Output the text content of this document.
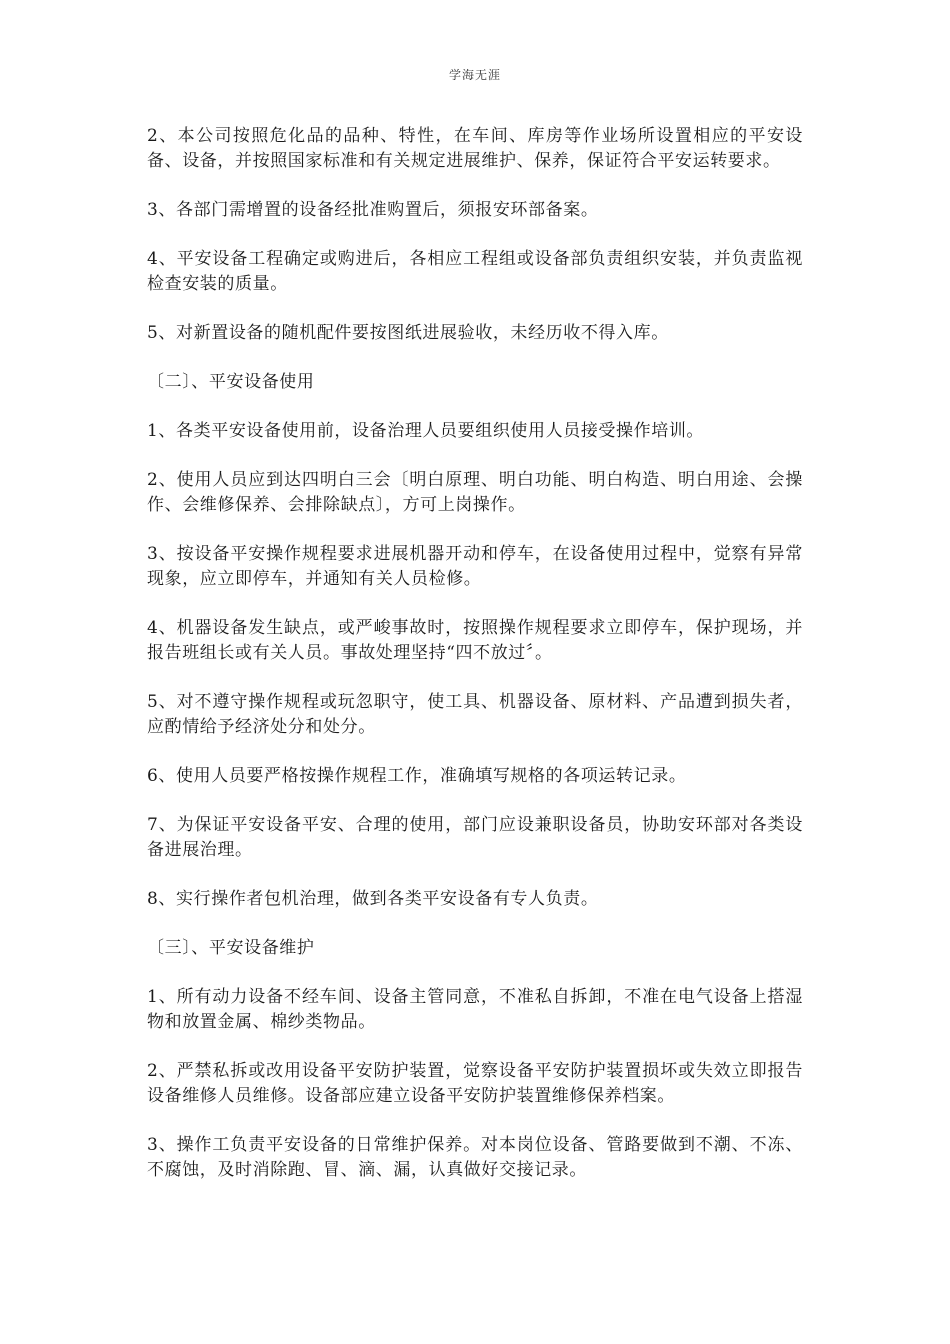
学海无涯

2、本公司按照危化品的品种、特性，在车间、库房等作业场所设置相应的平安设备、设备，并按照国家标准和有关规定进展维护、保养，保证符合平安运转要求。

3、各部门需增置的设备经批准购置后，须报安环部备案。

4、平安设备工程确定或购进后，各相应工程组或设备部负责组织安装，并负责监视检查安装的质量。

5、对新置设备的随机配件要按图纸进展验收，未经历收不得入库。

〔二〕、平安设备使用

1、各类平安设备使用前，设备治理人员要组织使用人员接受操作培训。

2、使用人员应到达四明白三会〔明白原理、明白功能、明白构造、明白用途、会操作、会维修保养、会排除缺点〕，方可上岗操作。

3、按设备平安操作规程要求进展机器开动和停车，在设备使用过程中，觉察有异常现象，应立即停车，并通知有关人员检修。

4、机器设备发生缺点，或严峻事故时，按照操作规程要求立即停车，保护现场，并报告班组长或有关人员。事故处理坚持“四不放过〞。

5、对不遵守操作规程或玩忽职守，使工具、机器设备、原材料、产品遭到损失者，应酌情给予经济处分和处分。

6、使用人员要严格按操作规程工作，准确填写规格的各项运转记录。

7、为保证平安设备平安、合理的使用，部门应设兼职设备员，协助安环部对各类设备进展治理。

8、实行操作者包机治理，做到各类平安设备有专人负责。

〔三〕、平安设备维护

1、所有动力设备不经车间、设备主管同意，不准私自拆卸，不准在电气设备上搭湿物和放置金属、棉纱类物品。

2、严禁私拆或改用设备平安防护装置，觉察设备平安防护装置损坏或失效立即报告设备维修人员维修。设备部应建立设备平安防护装置维修保养档案。

3、操作工负责平安设备的日常维护保养。对本岗位设备、管路要做到不潮、不冻、不腐蚀，及时消除跑、冒、滴、漏，认真做好交接记录。
